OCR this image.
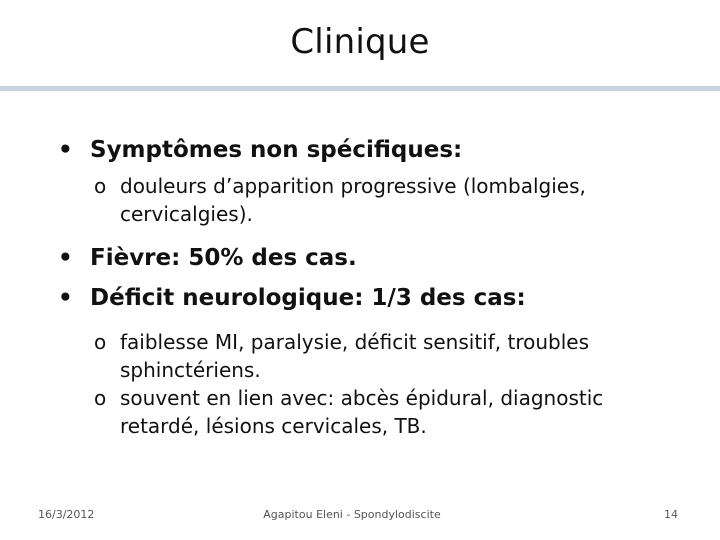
Clinique
• Symptômes non spécifiques:
o douleurs d’apparition progressive (lombalgies,
cervicalgies).
• Fièvre: 50% des cas.
• Déficit neurologique: 1/3 des cas:
o faiblesse MI, paralysie, déficit sensitif, troubles
sphinctériens.
o souvent en lien avec: abcès épidural, diagnostic
retardé, lésions cervicales, TB.
16/3/2012	Agapitou Eleni - Spondylodiscite	14
